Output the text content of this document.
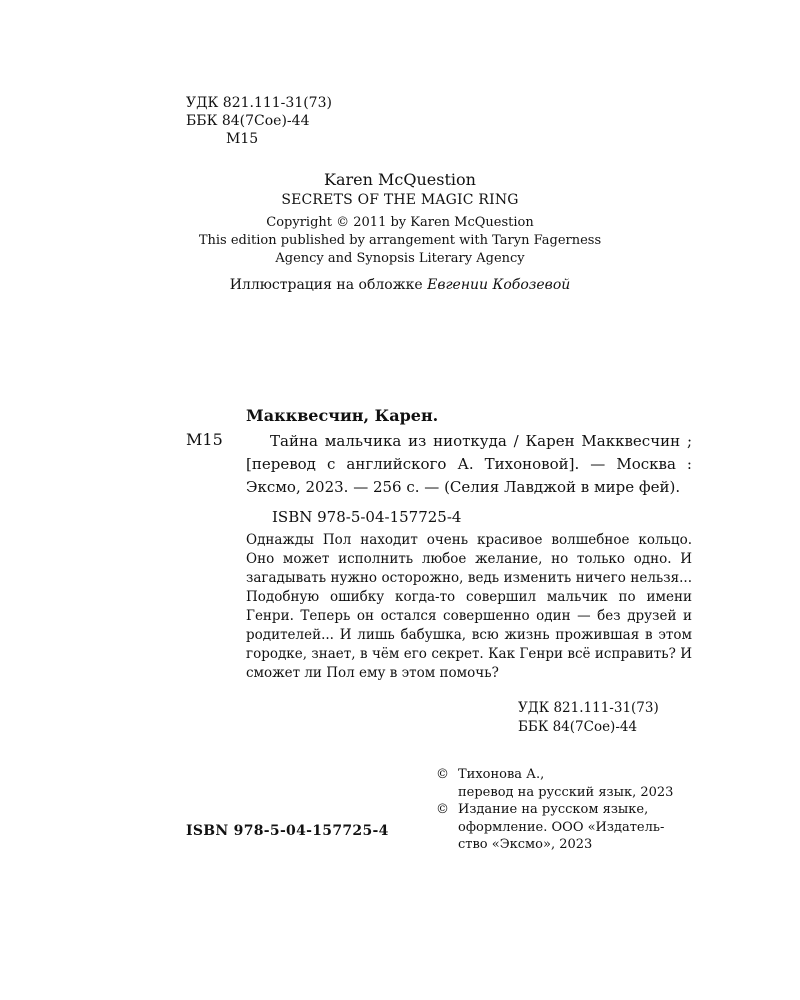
УДК 821.111-31(73)
ББК 84(7Сое)-44
М15
Karen McQuestion
SECRETS OF THE MAGIC RING
Copyright © 2011 by Karen McQuestion
This edition published by arrangement with Taryn Fagerness
Agency and Synopsis Literary Agency
Иллюстрация на обложке Евгении Кобозевой
Макквесчин, Карен.
М15	Тайна мальчика из ниоткуда / Карен Макквесчин ; [перевод с английского А. Тихоновой]. — Москва : Эксмо, 2023. — 256 с. — (Селия Лавджой в мире фей).
ISBN 978-5-04-157725-4

Однажды Пол находит очень красивое волшебное кольцо. Оно может исполнить любое желание, но только одно. И загадывать нужно осторожно, ведь изменить ничего нельзя... Подобную ошибку когда-то совершил мальчик по имени Генри. Теперь он остался совершенно один — без друзей и родителей... И лишь бабушка, всю жизнь прожившая в этом городке, знает, в чём его секрет. Как Генри всё исправить? И сможет ли Пол ему в этом помочь?

УДК 821.111-31(73)
ББК 84(7Сое)-44
© Тихонова А.,
перевод на русский язык, 2023
© Издание на русском языке,
оформление. ООО «Издатель-
ство «Эксмо», 2023
ISBN 978-5-04-157725-4
